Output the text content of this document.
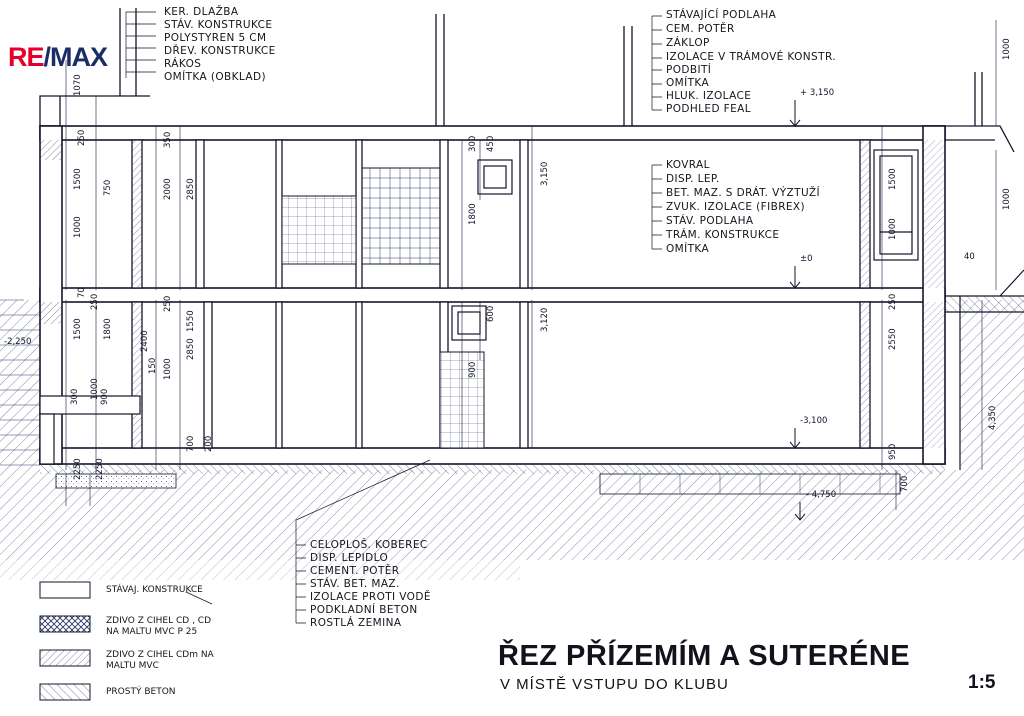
RE/MAX
KER. DLAŽBA
STÁV. KONSTRUKCE
POLYSTYREN 5 CM
DŘEV. KONSTRUKCE
RÁKOS
OMÍTKA (OBKLAD)
STÁVAJÍCÍ PODLAHA
CEM. POTĚR
ZÁKLOP
IZOLACE V TRÁMOVÉ KONSTR.
PODBITÍ
OMÍTKA
HLUK. IZOLACE
PODHLED FEAL
KOVRAL
DISP. LEP.
BET. MAZ. S DRÁT. VÝZTUŽÍ
ZVUK. IZOLACE (FIBREX)
STÁV. PODLAHA
TRÁM. KONSTRUKCE
OMÍTKA
CELOPLOŠ. KOBEREC
DISP. LEPIDLO
CEMENT. POTĚR
STÁV. BET. MAZ.
IZOLACE PROTI VODĚ
PODKLADNÍ BETON
ROSTLÁ ZEMINA
STÁVAJ. KONSTRUKCE
ZDIVO Z CIHEL CD , CD
NA MALTU MVC P 25
ZDIVO Z CIHEL CDm NA
MALTU MVC
PROSTÝ BETON
+ 3,150
±0
-3,100
- 4,750
-2,250
40
1070
250
1500
1000
750
350
2000 2850
300 450
1800
3,150	1500
1000
70
250
1500 1800
300 1000 900
2400
1000
250
2850
1550
200
150
700
600
900
3,120
250
2550
950
4,350
700
2250 2250
1000
1000
ŘEZ PŘÍZEMÍM A SUTERÉNE
V MÍSTĚ VSTUPU DO KLUBU	1:5
